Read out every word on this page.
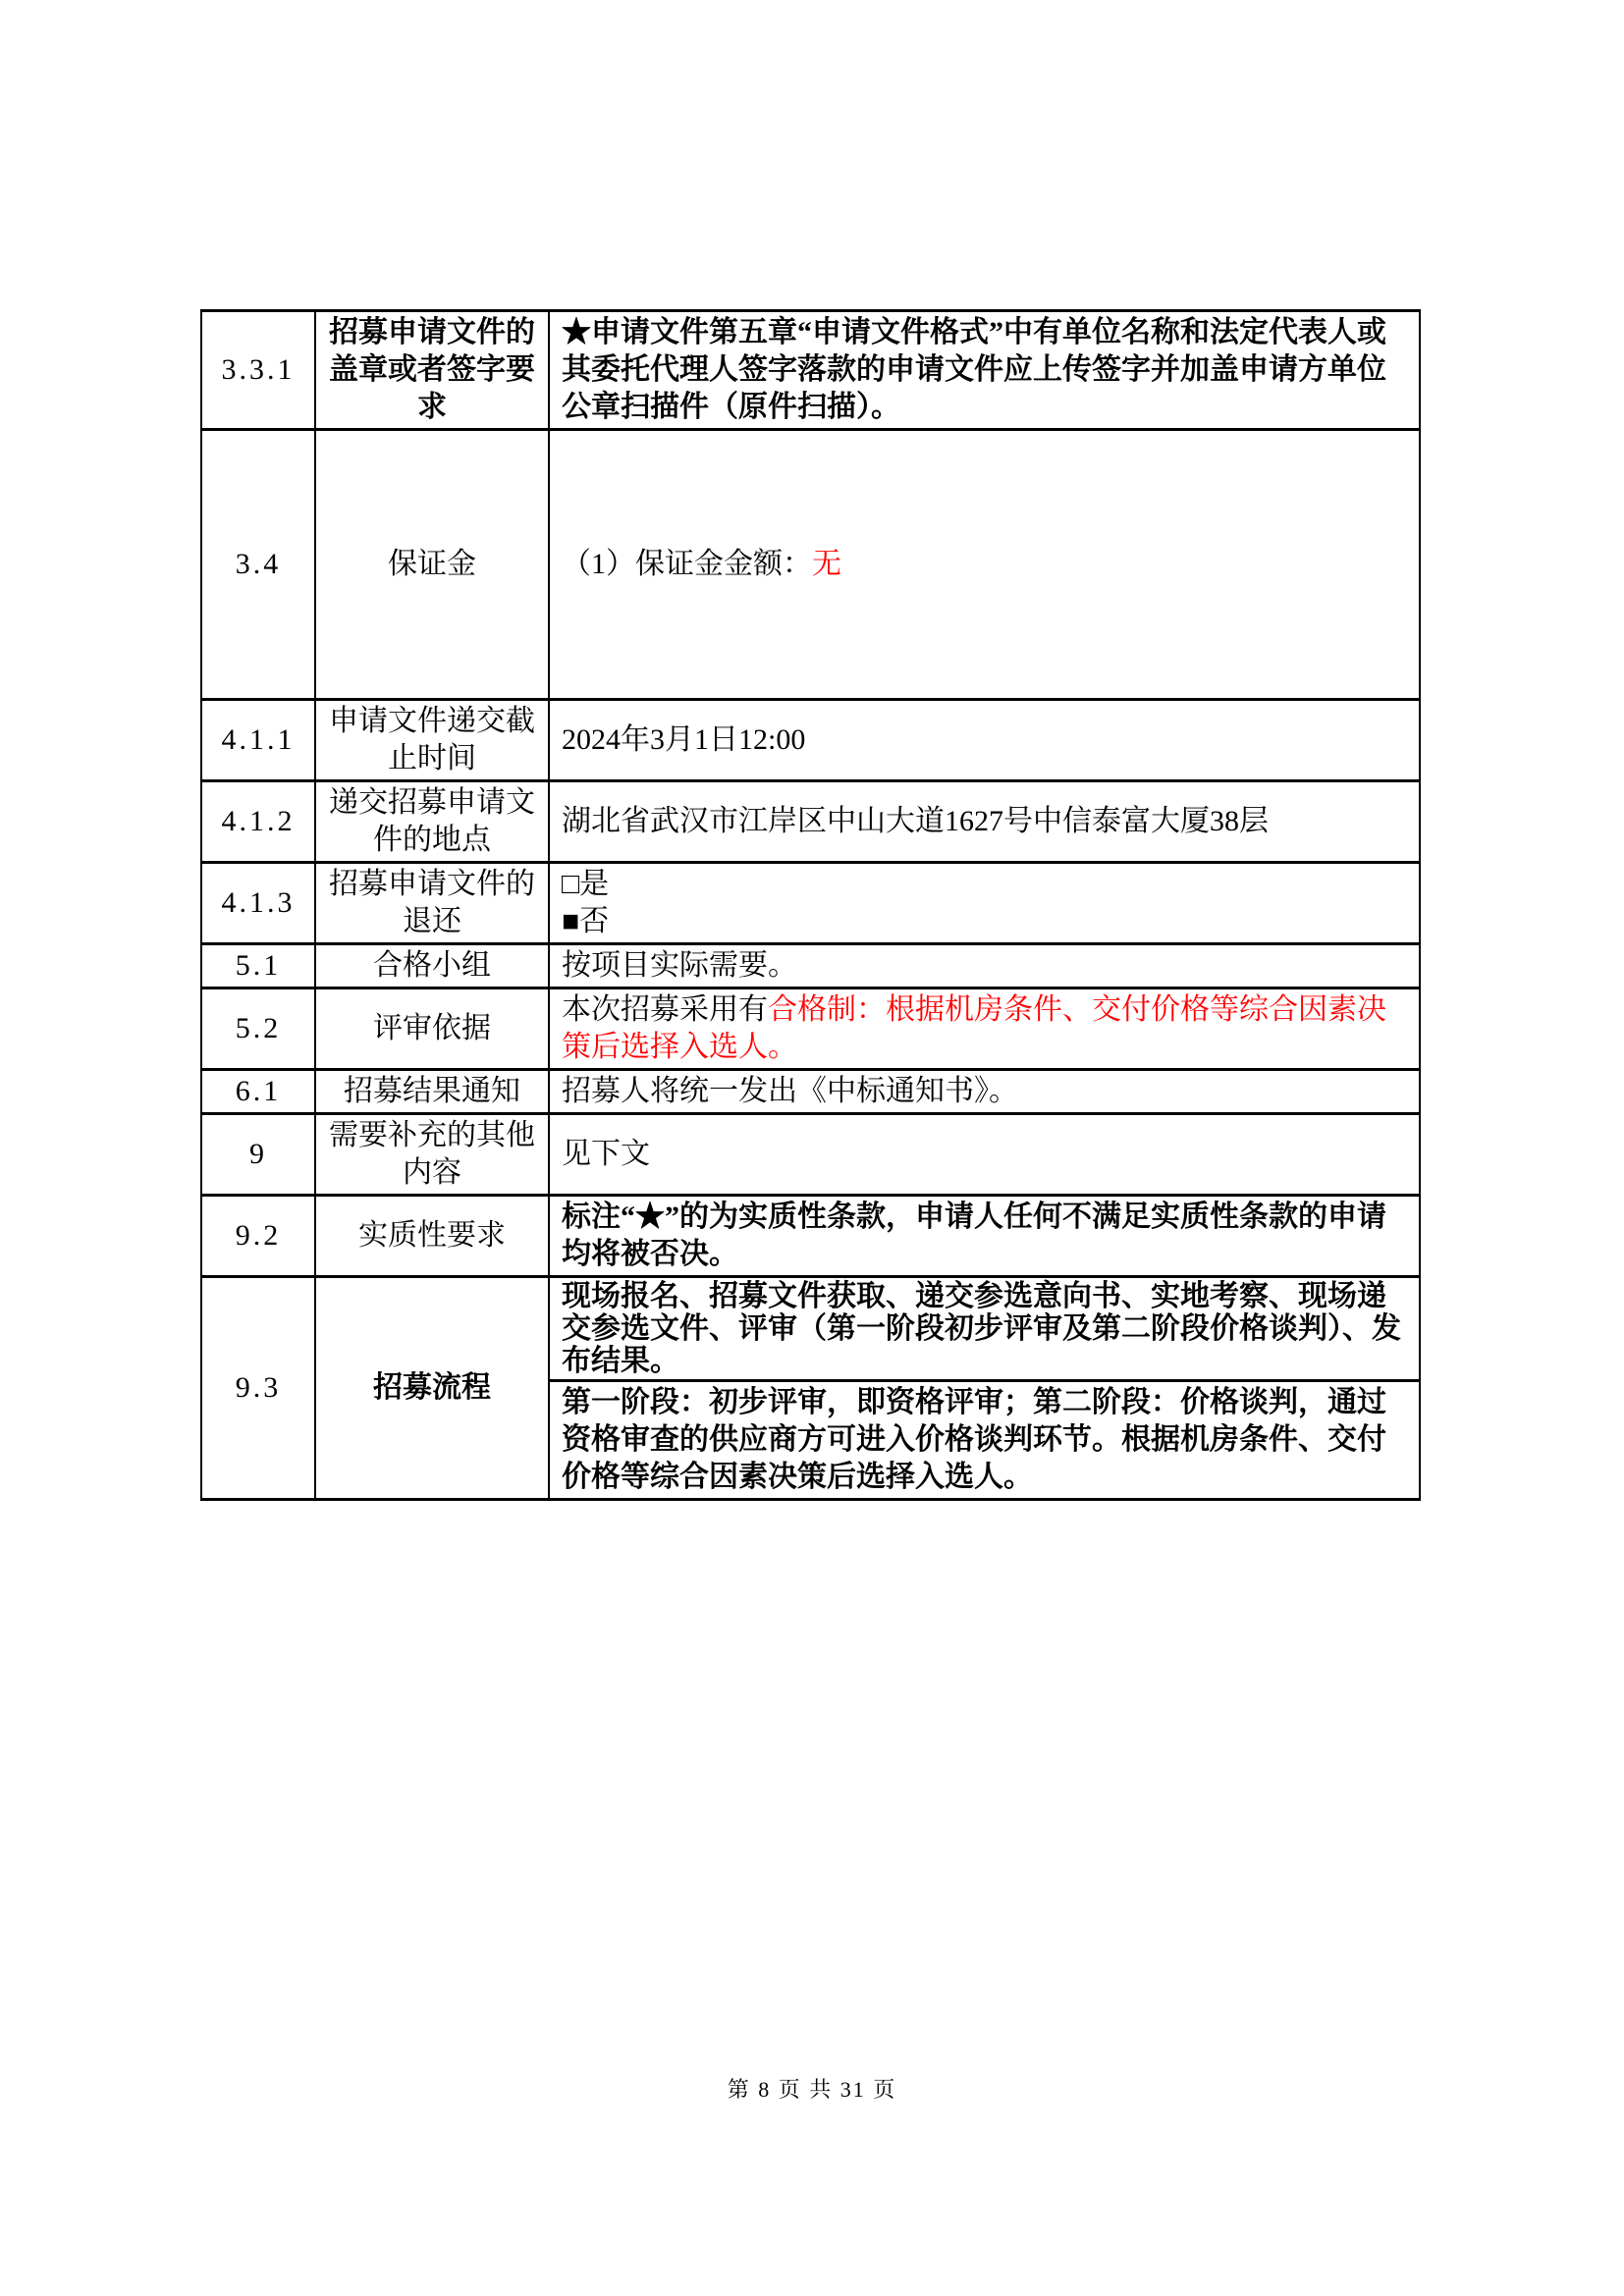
3.3.1	招募申请文件的盖章或者签字要求	★申请文件第五章“申请文件格式”中有单位名称和法定代表人或其委托代理人签字落款的申请文件应上传签字并加盖申请方单位公章扫描件（原件扫描）。
3.4	保证金	（1）保证金金额：无
4.1.1	申请文件递交截止时间	2024年3月1日12:00
4.1.2	递交招募申请文件的地点	湖北省武汉市江岸区中山大道1627号中信泰富大厦38层
4.1.3	招募申请文件的退还	□是
■否

5.1	合格小组	按项目实际需要。
5.2	评审依据	本次招募采用有合格制：根据机房条件、交付价格等综合因素决策后选择入选人。
6.1	招募结果通知	招募人将统一发出《中标通知书》。
9	需要补充的其他内容	见下文
9.2	实质性要求	标注“★”的为实质性条款，申请人任何不满足实质性条款的申请均将被否决。
9.3	招募流程	现场报名、招募文件获取、递交参选意向书、实地考察、现场递交参选文件、评审（第一阶段初步评审及第二阶段价格谈判）、发布结果。
		第一阶段：初步评审，即资格评审；第二阶段：价格谈判，通过资格审查的供应商方可进入价格谈判环节。根据机房条件、交付价格等综合因素决策后选择入选人。
第 8 页 共 31 页
